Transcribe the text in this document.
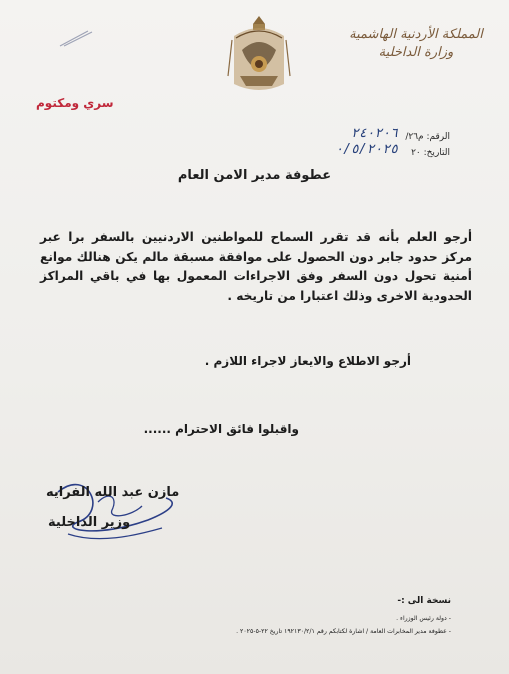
المملكة الأردنية الهاشمية
وزارة الداخلية
سري ومكتوم
الرقم: م٢٦/
٢٤٠٢٠٦
التاريخ: ٢٠
٠/٥/٢٠٢٥
عطوفة مدير الامن العام
أرجو العلم بأنه قد تقرر السماح للمواطنين الاردنيين بالسفر برا عبر مركز حدود جابر دون الحصول على موافقة مسبقة مالم يكن هنالك موانع أمنية تحول دون السفر وفق الاجراءات المعمول بها في باقي المراكز الحدودية الاخرى وذلك اعتبارا من تاريخه .
أرجو الاطلاع والايعاز لاجراء اللازم .
واقبلوا فائق الاحترام ......
مازن عبد الله الفرايه
وزير الداخلية
نسخة الى :-
- دولة رئيس الوزراء .
- عطوفة مدير المخابرات العامة / اشارة لكتابكم رقم ١٩٢١٣٠/٢/١ تاريخ ٢٢-٥-٢٠٢٥ .
